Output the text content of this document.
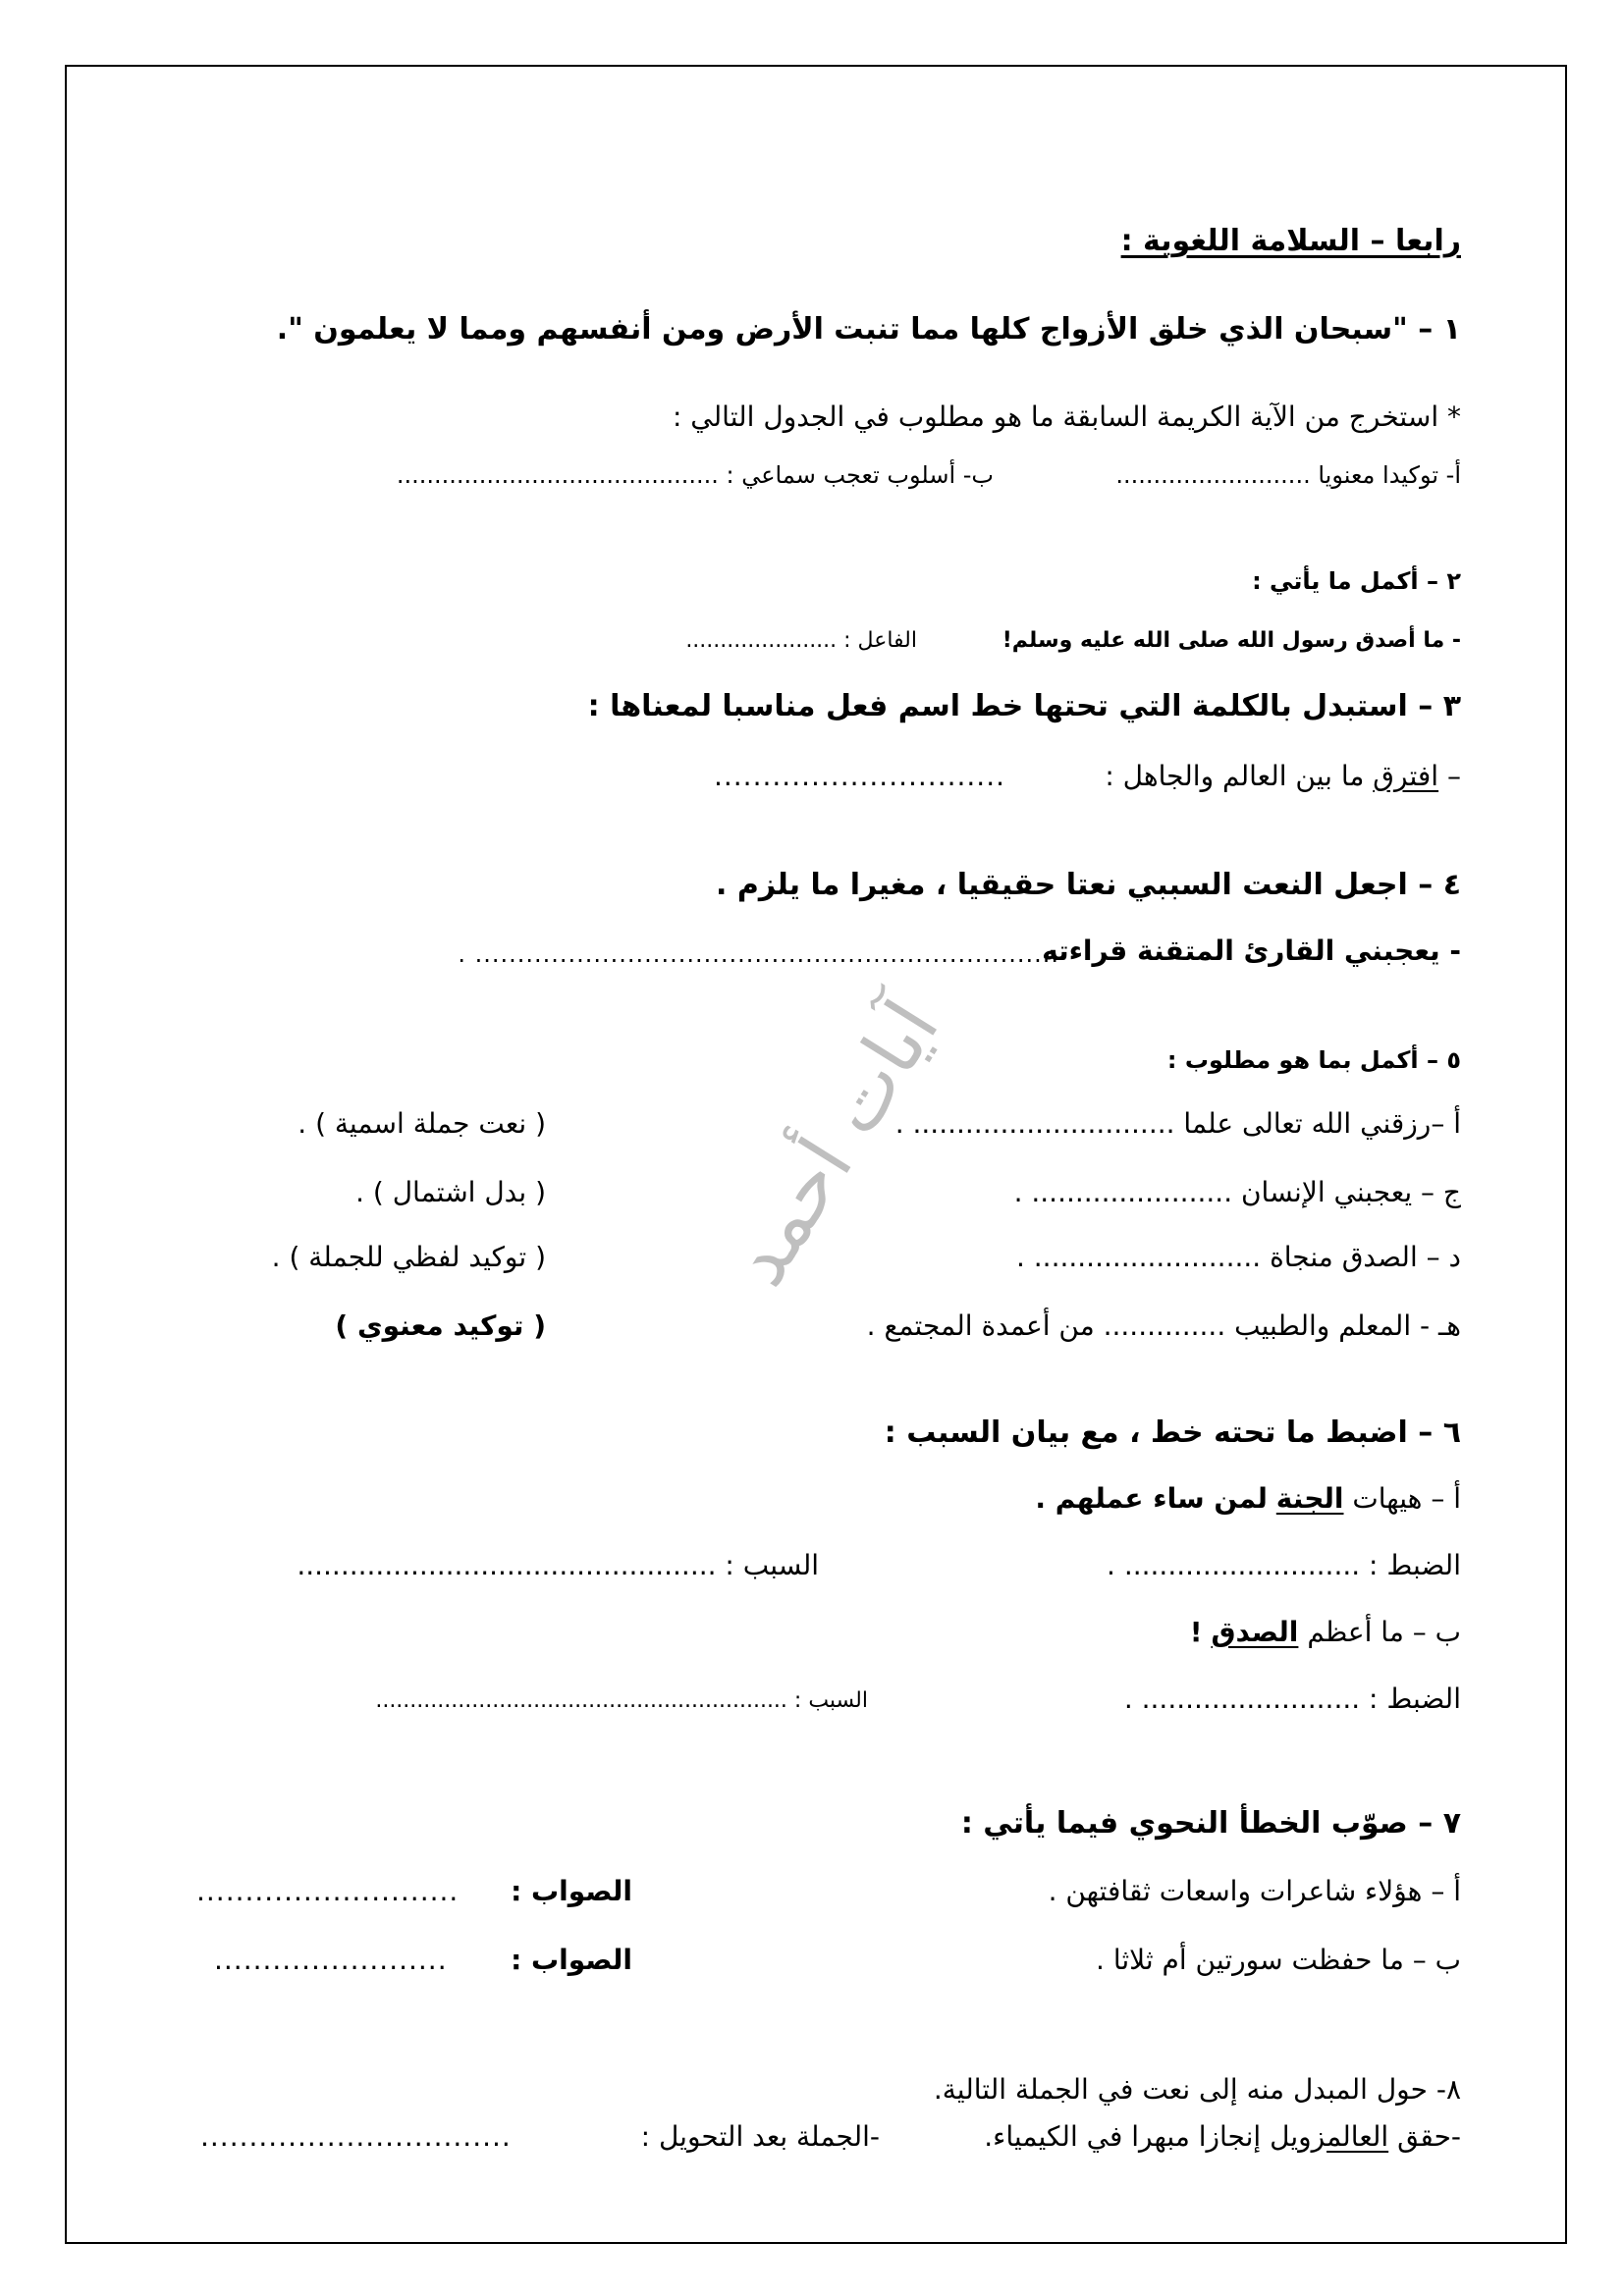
آيات أحمد
رابعا – السلامة اللغوية :
١ – "سبحان الذي خلق الأزواج كلها مما تنبت الأرض ومن أنفسهم ومما لا يعلمون ".
* استخرج من الآية الكريمة السابقة ما هو مطلوب في الجدول التالي :
أ- توكيدا معنويا ..........................
ب- أسلوب تعجب سماعي : ...........................................
٢ – أكمل ما يأتي :
- ما أصدق رسول الله صلى الله عليه وسلم!
الفاعل : ......................
٣ – استبدل بالكلمة التي تحتها خط اسم فعل مناسبا لمعناها :
– افترق ما بين العالم والجاهل :
..............................
٤ – اجعل النعت السببي نعتا حقيقيا ، مغيرا ما يلزم .
- يعجبني القارئ المتقنة قراءته
. .....................................................................
٥ – أكمل بما هو مطلوب :
أ –رزقني الله تعالى علما .............................. .
( نعت جملة اسمية ) .
ج – يعجبني الإنسان ....................... .
( بدل اشتمال ) .
د – الصدق منجاة .......................... .
( توكيد لفظي للجملة ) .
هـ - المعلم والطبيب .............. من أعمدة المجتمع .
( توكيد معنوي )
٦ – اضبط ما تحته خط ، مع بيان السبب :
أ – هيهات الجنة لمن ساء عملهم .
الضبط : ........................... .
السبب : ................................................
ب – ما أعظم الصدق !
الضبط : ......................... .
السبب : ............................................................
٧ – صوّب الخطأ النحوي فيما يأتي :
أ – هؤلاء شاعرات واسعات ثقافتهن .
الصواب :
...........................
ب – ما حفظت سورتين أم ثلاثا .
الصواب :
........................
٨- حول المبدل منه إلى نعت في الجملة التالية.
-حقق العالمزويل إنجازا مبهرا في الكيمياء.
-الجملة بعد التحويل :
................................
